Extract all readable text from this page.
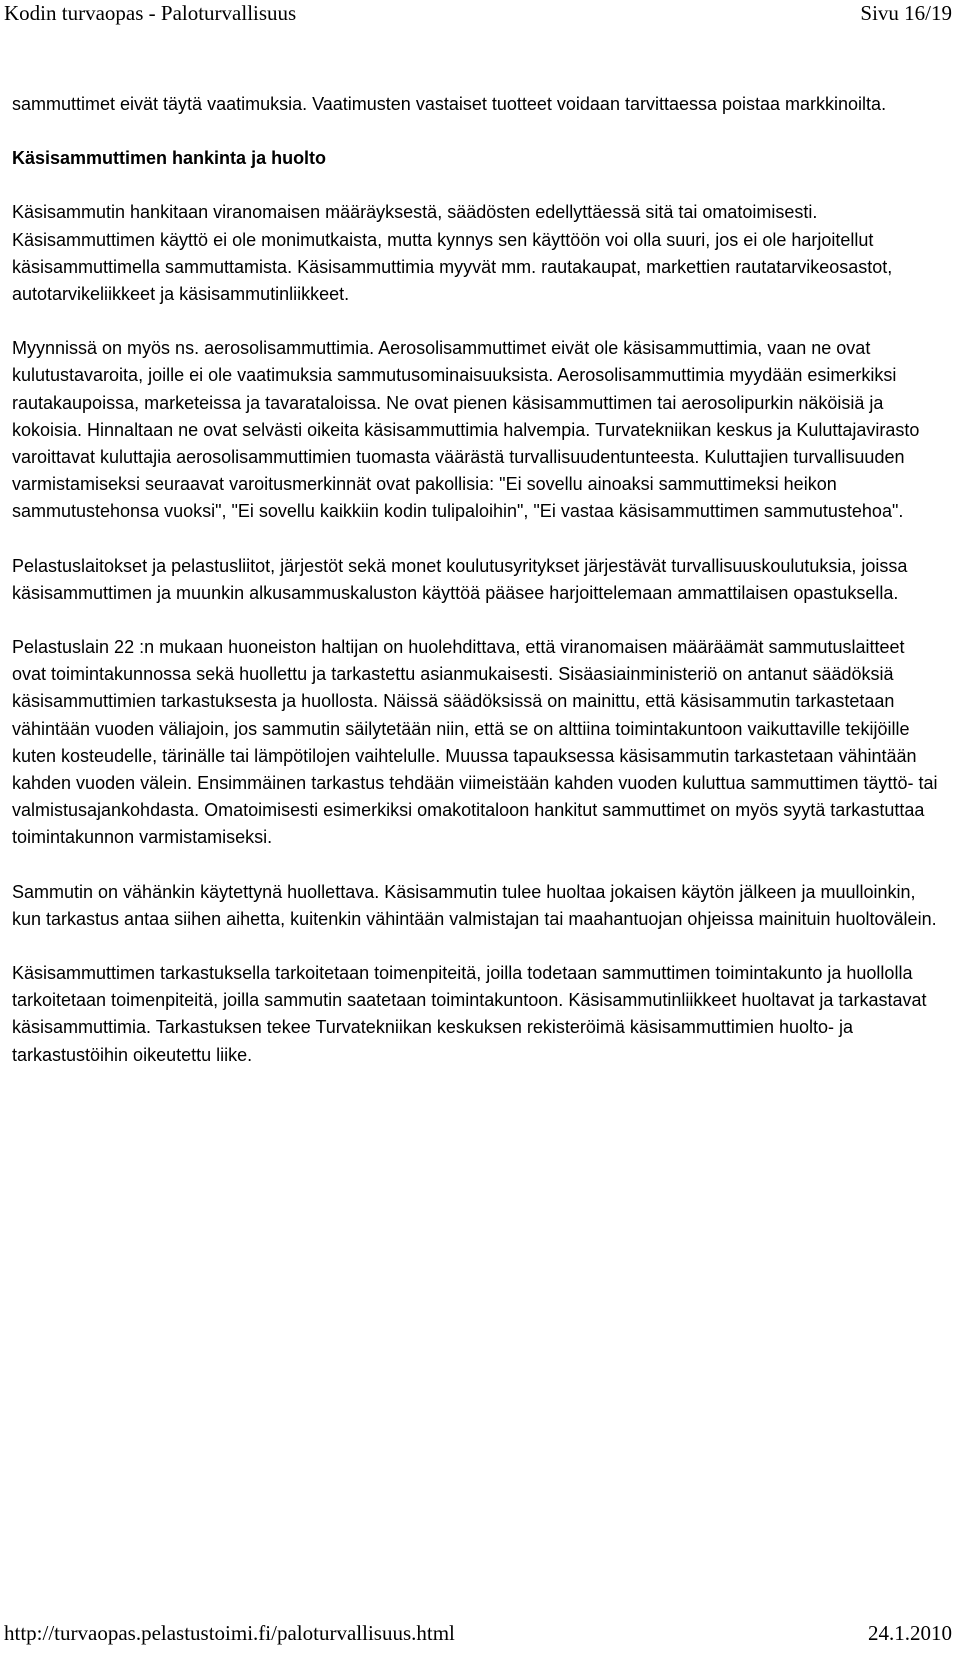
Kodin turvaopas - Paloturvallisuus	Sivu 16/19

sammuttimet eivät täytä vaatimuksia. Vaatimusten vastaiset tuotteet voidaan tarvittaessa poistaa markkinoilta.

Käsisammuttimen hankinta ja huolto

Käsisammutin hankitaan viranomaisen määräyksestä, säädösten edellyttäessä sitä tai omatoimisesti. Käsisammuttimen käyttö ei ole monimutkaista, mutta kynnys sen käyttöön voi olla suuri, jos ei ole harjoitellut käsisammuttimella sammuttamista. Käsisammuttimia myyvät mm. rautakaupat, markettien rautatarvikeosastot, autotarvikeliikkeet ja käsisammutinliikkeet.

Myynnissä on myös ns. aerosolisammuttimia. Aerosolisammuttimet eivät ole käsisammuttimia, vaan ne ovat kulutustavaroita, joille ei ole vaatimuksia sammutusominaisuuksista. Aerosolisammuttimia myydään esimerkiksi rautakaupoissa, marketeissa ja tavarataloissa. Ne ovat pienen käsisammuttimen tai aerosolipurkin näköisiä ja kokoisia. Hinnaltaan ne ovat selvästi oikeita käsisammuttimia halvempia. Turvatekniikan keskus ja Kuluttajavirasto varoittavat kuluttajia aerosolisammuttimien tuomasta väärästä turvallisuudentunteesta. Kuluttajien turvallisuuden varmistamiseksi seuraavat varoitusmerkinnät ovat pakollisia: "Ei sovellu ainoaksi sammuttimeksi heikon sammutustehonsa vuoksi", "Ei sovellu kaikkiin kodin tulipaloihin", "Ei vastaa käsisammuttimen sammutustehoa".

Pelastuslaitokset ja pelastusliitot, järjestöt sekä monet koulutusyritykset järjestävät turvallisuuskoulutuksia, joissa käsisammuttimen ja muunkin alkusammuskaluston käyttöä pääsee harjoittelemaan ammattilaisen opastuksella.

Pelastuslain 22 :n mukaan huoneiston haltijan on huolehdittava, että viranomaisen määräämät sammutuslaitteet ovat toimintakunnossa sekä huollettu ja tarkastettu asianmukaisesti. Sisäasiainministeriö on antanut säädöksiä käsisammuttimien tarkastuksesta ja huollosta. Näissä säädöksissä on mainittu, että käsisammutin tarkastetaan vähintään vuoden väliajoin, jos sammutin säilytetään niin, että se on alttiina toimintakuntoon vaikuttaville tekijöille kuten kosteudelle, tärinälle tai lämpötilojen vaihtelulle. Muussa tapauksessa käsisammutin tarkastetaan vähintään kahden vuoden välein. Ensimmäinen tarkastus tehdään viimeistään kahden vuoden kuluttua sammuttimen täyttö- tai valmistusajankohdasta. Omatoimisesti esimerkiksi omakotitaloon hankitut sammuttimet on myös syytä tarkastuttaa toimintakunnon varmistamiseksi.

Sammutin on vähänkin käytettynä huollettava. Käsisammutin tulee huoltaa jokaisen käytön jälkeen ja muulloinkin, kun tarkastus antaa siihen aihetta, kuitenkin vähintään valmistajan tai maahantuojan ohjeissa mainituin huoltovälein.

Käsisammuttimen tarkastuksella tarkoitetaan toimenpiteitä, joilla todetaan sammuttimen toimintakunto ja huollolla tarkoitetaan toimenpiteitä, joilla sammutin saatetaan toimintakuntoon. Käsisammutinliikkeet huoltavat ja tarkastavat käsisammuttimia. Tarkastuksen tekee Turvatekniikan keskuksen rekisteröimä käsisammuttimien huolto- ja tarkastustöihin oikeutettu liike.

http://turvaopas.pelastustoimi.fi/paloturvallisuus.html	24.1.2010
